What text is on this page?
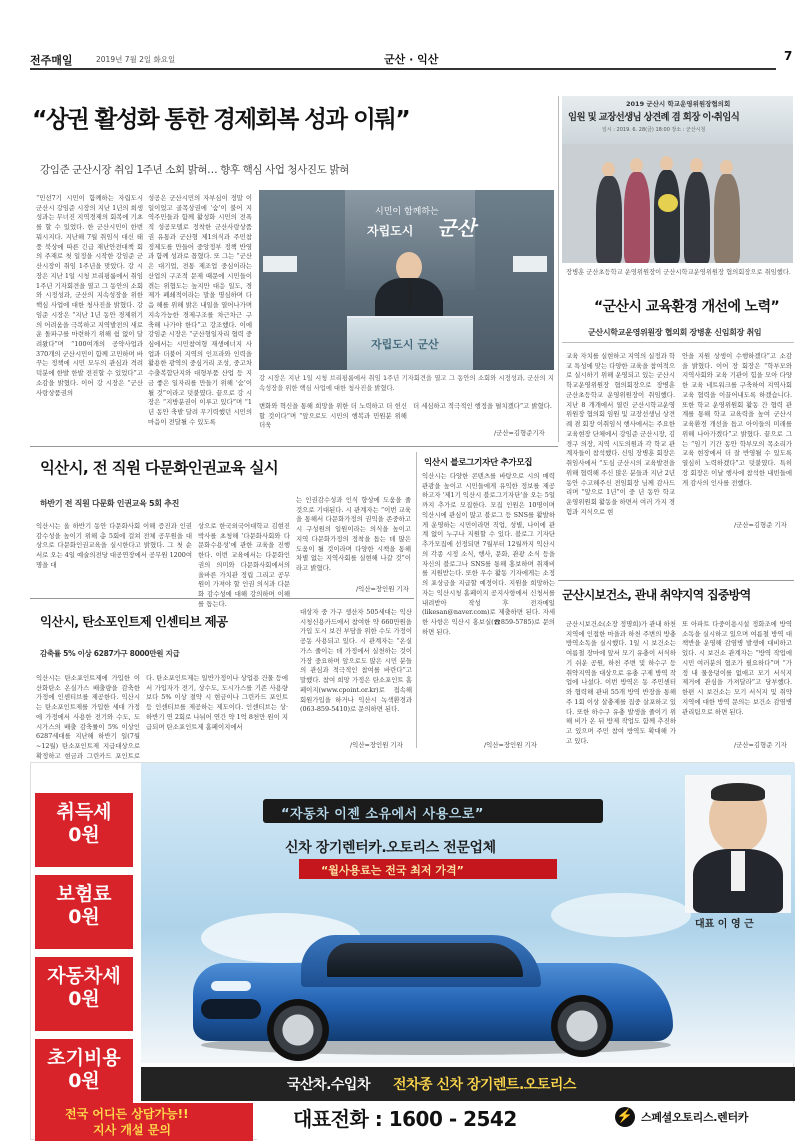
전주매일	2019년 7월 2일 화요일	군산 · 익산	7
“상권 활성화 통한 경제회복 성과 이뤄”
강임준 군산시장 취임 1주년 소회 밝혀… 향후 핵심 사업 청사진도 밝혀
“민선7기 시민이 함께하는 자립도시 군산시 강임준 시장의 지난 1년의 희생 성과는 무너진 지역경제의 회복에 기초를 할 수 있었다. 한 군산시민이 한번 뭐시지다. 지난해 7월 취임식 대신 태풍 북상에 따른 긴급 재난안전대책 회의 주재로 첫 일정을 시작한 강임준 군산시장이 취임 1주년을 맞았다. 강 시장은 지난 1일 시청 브리핑룸에서 취임 1주년 기자회견을 열고 그 동안의 소회와 시정성과, 군산의 지속성장을 위한 핵심 사업에 대한 청사진을 밝혔다. 강임준 시장은 “지난 1년 동안 경제위기의 어려움을 극복하고 지역발전의 새로운 돌파구를 마련하기 위해 쉼 없이 달려왔다”며 “100여개의 공약사업과 370개의 군산시민이 함께 고민하며 바꾸는 정책에 시민 모두의 관심과 격려 덕분에 한발 한발 전진할 수 있었다”고 소감을 밝혔다. 이어 강 시장은 “군산사랑상품권의
성공은 군산시민의 자부심이 정말 이 일이었고 골목상권에 ‘숨’이 불어 지역주민들과 함께 활성화 시민의 전폭적 성공모델로 정착한 군산사랑상품권 유통과 군산형 제1의식과 주민참정제도를 만들어 중앙정부 정책 반영과 함께 성과로 꼽혔다. 또 그는 “군산은 대기업, 전통 제조업 중심이라는 산업의 구조적 문제 때문에 시민들이 겪는 위협도는 높지만 대응 일도, 경제가 폐쇄적이라는 말을 명심하며 다음 해를 위해 밝은 내일을 열어나가며 지속가능한 경제구조를 차근차근 구축해 나가야 한다”고 강조했다. 이에 강임준 시장은 “군산형일자리 협력 중심에서는 시민참여형 재생에너지 사업과 더불어 지역의 인프라와 인력을 활용한 광역의 중심거리 조성, 중고차 수출복합단지와 대형부품 산업 등 지금 좋은 일자리를 만들기 위해 ‘숨’이 될 것”이라고 덧붙였다. 끝으로 강 시장은 “지방분권이 이루고 있다”며 “1년 동안 축발 달려 무기력했던 시민의 마음이 전달될 수 있도록
시민이 함께하는
자립도시 군산
자립도시 군산
강 시장은 지난 1일 시청 브리핑룸에서 취임 1주년 기자회견을 열고 그 동안의 소회와 시정성과, 군산의 지속성장을 위한 핵심 사업에 대한 청사진을 밝혔다.
변화와 혁신을 통해 희망을 위한 더 노력하고 더 헌신할 것이다”며 “앞으로도 시민의 행복과 민원분 위해 더욱
더 세심하고 적극적인 행정을 펼치겠다”고 밝혔다.
/군산=김형준기자
2019 군산시 학교운영위원장협의회
임원 및 교장선생님 상견례 겸 회장 이·취임식
일시 : 2019. 6. 28(금) 18:00 장소 : 군산시청
장병훈 군산초등학교 운영위원장이 군산시학교운영위원장 협의회장으로 취임했다.
“군산시 교육환경 개선에 노력”
군산시학교운영위원장 협의회 장병훈 신임회장 취임
교육 자치를 실현하고 지역의 실정과 학교 특성에 맞는 다양한 교육을 참여적으로 실시하기 위해 운영되고 있는 군산시학교운영위원장 협의회장으로 장병훈 군산초등학교 운영위원장이 취임했다. 지난 8 개개에서 열린 군산시학교운영위원장 협의회 임원 및 교장선생님 상견례 겸 회장 이취임식 행사에서는 주요한 교육현장 단체에서 강임준 군산시장, 김경구 의장, 지역 시도의원과 각 학교 관계자들이 참석했다. 신임 장병훈 회장은 취임사에서 “도심 군산시의 교육발전을 위해 협력해 주신 많은 분들과 지난 2년 동안 수고해주신 전임회장 님께 감사드리며 “앞으로 1년”이 중 년 동안 학교 운영위원회 활동을 하면서 여러 가지 경험과 지식으로 현
안을 지원 상생이 수행하겠다”고 소감을 밝혔다. 이어 장 회장은 “학부모와 지역사회와 교육 기관이 힘을 모아 다양한 교육 네트워크를 구축하여 지역사회 교육 협력을 이끌어내도록 하겠습니다. 또한 학교 운영위원회 활동 간 협력 관계를 통해 학교 교육력을 높여 군산시 교육환경 개선을 돕고 아이들의 미래를 위해 나아가겠다”고 밝혔다. 끝으로 그는 “임기 기간 동안 학부모의 목소리가 교육 현장에서 더 잘 반영될 수 있도록 열심히 노력하겠다”고 덧붙였다. 특히 장 회장은 이날 행사에 참석한 내빈들에게 감사의 인사를 전했다.
/군산=김형준 기자
익산시, 전 직원 다문화인권교육 실시
하반기 전 직원 다문화 인권교육 5회 추진
익산시는 올 하반기 동안 다문화사회 이해 증진과 인권감수성을 높이기 위해 총 5회에 걸쳐 전체 공무원을 대상으로 다문화인권교육을 실시한다고 밝혔다. 그 첫 순서로 오는 4일 예술의전당 대공연장에서 공무원 1200여명을 대
상으로 한국외국어대학교 김현진 박사를 초청해 '다문화사회와 다문화수용성'에 관한 교육을 진행한다. 이번 교육에서는 다문화인권의 의미와 다문화사회에서의 올바른 가치관 정립 그리고 공무원이 가져야 할 인권 의식과 다문화 감수성에 대해 강의하며 이해를 돕는다.
는 인권감수성과 인식 향상에 도움을 줄 것으로 기대된다. 시 관계자는 “이번 교육을 통해서 다문화가정의 권익을 존중하고 시 구성원의 일원이라는 의식을 높이고 지역 다문화가정의 정착을 돕는 데 많은 도움이 될 것이라며 다양한 시책을 통해 차별 없는 지역사회를 실현해 나갈 것”이라고 밝혔다.
/익산=장인원 기자
익산시, 탄소포인트제 인센티브 제공
감축률 5% 이상 6287가구 8000만원 지급
익산시는 탄소포인트제에 가입한 이산화탄소 온실가스 배출량을 감축한 가정에 인센티브를 제공한다. 익산시는 탄소포인트제를 가입한 세대 가정에 가정에서 사용한 전기와 수도, 도시가스의 배출 감축률이 5% 이상인 6287세대를 지난해 하반기 일(7월~12월) 탄소포인트제 지급대상으로 확정하고 현금과 그린카드 포인트로
다. 탄소포인트제는 일반가정이나 상업용 건물 등에서 가입자가 전기, 상수도, 도시가스를 기존 사용량보다 5% 이상 절약 시 현금이나 그린카드 포인트 등 인센티브를 제공하는 제도이다. 인센티브는 상·하반기 연 2회로 나뉘어 연간 약 1억 8천만 원이 지급되며 탄소포인트제 홈페이지에서
대상자 중 가구 생산자 505세대는 익산시청신용카드에서 참여한 약 660만원을 가입 도시 보건 부담을 위한 수도 가정이 공동 사용되고 있다. 시 관계자는 “온실가스 줄이는 데 가정에서 실천하는 것이 가장 중요하며 앞으로도 많은 시민 분들의 관심과 적극적인 참여를 바란다”고 말했다. 참여 희망 가정은 탄소포인트 홈페이지(www.cpoint.or.kr)로 접속해 회원가입을 하거나 익산시 녹색환경과(063-859-5410)로 문의하면 된다.
/익산=장인원 기자
익산시 블로그기자단 추가모집
익산시는 다양한 콘텐츠를 바탕으로 시의 매력 관광을 높이고 시민들에게 유익한 정보를 제공하고자 '제1기 익산시 블로그기자단'을 오는 5일까지 추가로 모집한다. 모집 인원은 10명이며 익산시에 관심이 많고 블로그 등 SNS를 활발하게 운영하는 시민이라면 직업, 성별, 나이에 관계 없이 누구나 지원할 수 있다. 블로그 기자단 추가모집에 선정되면 7월부터 12월까지 익산시의 각종 시정 소식, 행사, 문화, 관광 소식 등을 자신의 블로그나 SNS를 통해 홍보하며 취재비를 지원받는다. 또한 우수 활동 기자에게는 소정의 포상금을 지급할 예정이다. 지원을 희망하는 자는 익산시청 홈페이지 공지사항에서 신청서를 내려받아 작성 후 전자메일(likesan@naver.com)로 제출하면 된다. 자세한 사항은 익산시 홍보실(☎859-5785)로 문의하면 된다.
/익산=장인원 기자
군산시보건소, 관내 취약지역 집중방역
군산시보건소(소장 정명희)가 관내 하천지역에 인접한 마을과 하천 주변의 방충방역소독을 실시했다. 1일 시 보건소는 여름철 장마에 앞서 모기 유충이 서식하기 쉬운 공원, 하천 주변 및 하수구 등 취약지역을 대상으로 유충 구제 방역 작업에 나섰다. 이번 방역은 동 주민센터와 협력해 관내 55개 방역 반장을 통해 주 1회 이상 살충제를 집중 살포하고 있다. 또한 하수구 유충 발생을 줄이기 위해 비가 온 뒤 방제 작업도 함께 추진하고 있으며 주민 참여 방역도 확대해 가고 있다.
또 아파트 다중이용시설 정화조에 방역 소독을 실시하고 있으며 여름철 방역 대책반을 운영해 감염병 발생에 대비하고 있다. 시 보건소 관계자는 “방역 작업에 시민 여러분의 협조가 필요하다”며 “가정 내 물웅덩이를 없애고 모기 서식지 제거에 관심을 가져달라”고 당부했다. 한편 시 보건소는 모기 서식지 및 취약지역에 대한 방역 문의는 보건소 감염병관리팀으로 하면 된다.
/군산=김형준 기자
취득세
0원
보험료
0원
자동차세
0원
초기비용
0원
“자동차 이젠 소유에서 사용으로”
신차 장기렌터카.오토리스 전문업체
“월사용료는 전국 최저 가격”
대표 이 영 근
국산차.수입차 전차종 신차 장기렌트.오토리스
전국 어디든 상담가능!!
지사 개설 문의	대표전화 : 1600 - 2542	⚡ 스페셜오토리스.렌터카
